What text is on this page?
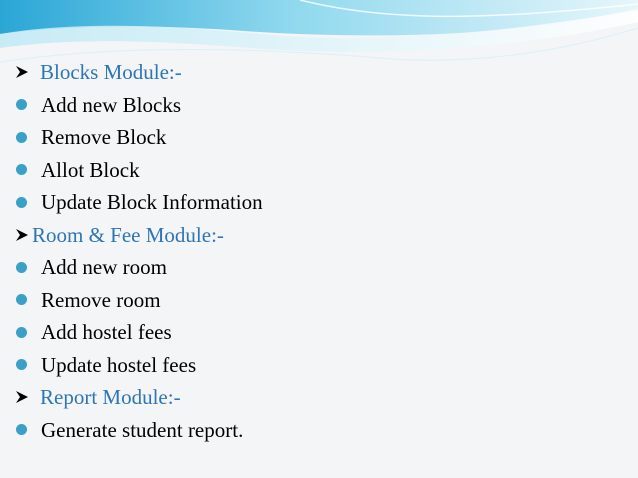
Blocks Module:-
Add new Blocks
Remove Block
Allot Block
Update Block Information
Room & Fee Module:-
Add new room
Remove room
Add hostel fees
Update hostel fees
Report Module:-
Generate student report.
